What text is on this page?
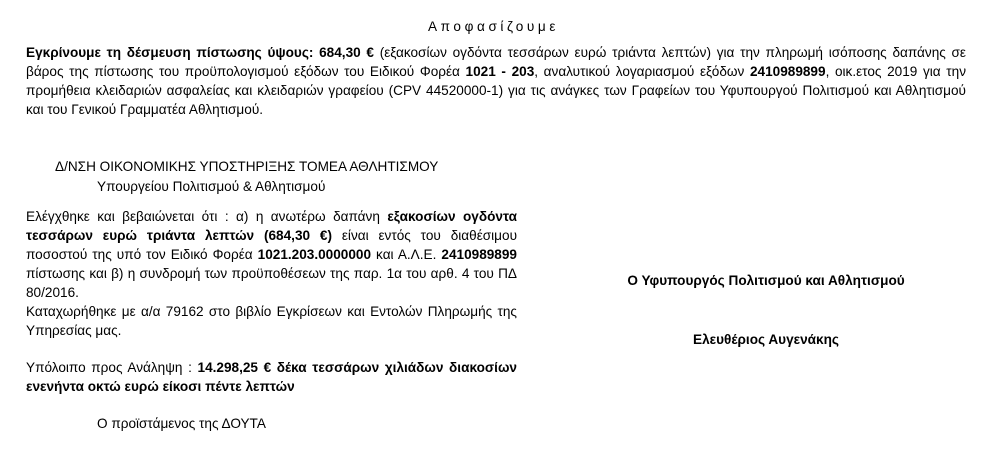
Αποφασίζουμε
Εγκρίνουμε τη δέσμευση πίστωσης ύψους: 684,30 € (εξακοσίων ογδόντα τεσσάρων ευρώ τριάντα λεπτών) για την πληρωμή ισόποσης δαπάνης σε βάρος της πίστωσης του προϋπολογισμού εξόδων του Ειδικού Φορέα 1021 - 203, αναλυτικού λογαριασμού εξόδων 2410989899, οικ.ετος 2019 για την προμήθεια κλειδαριών ασφαλείας και κλειδαριών γραφείου (CPV 44520000-1) για τις ανάγκες των Γραφείων του Υφυπουργού Πολιτισμού και Αθλητισμού και του Γενικού Γραμματέα Αθλητισμού.
Δ/ΝΣΗ ΟΙΚΟΝΟΜΙΚΗΣ ΥΠΟΣΤΗΡΙΞΗΣ ΤΟΜΕΑ ΑΘΛΗΤΙΣΜΟΥ
Υπουργείου Πολιτισμού & Αθλητισμού
Ελέγχθηκε και βεβαιώνεται ότι : α) η ανωτέρω δαπάνη εξακοσίων ογδόντα τεσσάρων ευρώ τριάντα λεπτών (684,30 €) είναι εντός του διαθέσιμου ποσοστού της υπό τον Ειδικό Φορέα 1021.203.0000000 και Α.Λ.Ε. 2410989899 πίστωσης και β) η συνδρομή των προϋποθέσεων της παρ. 1α του αρθ. 4 του ΠΔ 80/2016.
Καταχωρήθηκε με α/α 79162 στο βιβλίο Εγκρίσεων και Εντολών Πληρωμής της Υπηρεσίας μας.
Υπόλοιπο προς Ανάληψη : 14.298,25 € δέκα τεσσάρων χιλιάδων διακοσίων ενενήντα οκτώ ευρώ είκοσι πέντε λεπτών
Ο προϊστάμενος της ΔΟΥΤΑ
Ο Υφυπουργός Πολιτισμού και Αθλητισμού
Ελευθέριος Αυγενάκης
